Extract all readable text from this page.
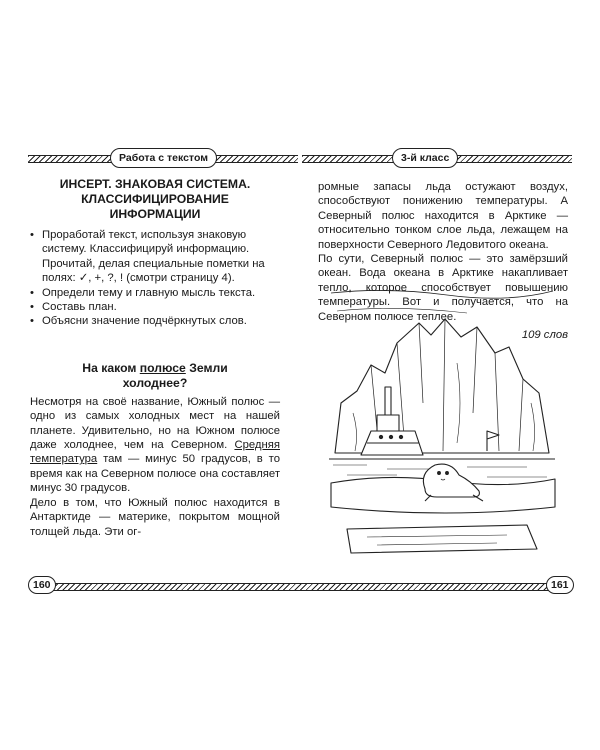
Работа с текстом	3-й класс
ИНСЕРТ. ЗНАКОВАЯ СИСТЕМА. КЛАССИФИЦИРОВАНИЕ ИНФОРМАЦИИ
• Проработай текст, используя знаковую систему. Классифицируй информацию. Прочитай, делая специальные пометки на полях: ✓, +, ?, ! (смотри страницу 4).
• Определи тему и главную мысль текста.
• Составь план.
• Объясни значение подчёркнутых слов.
На каком полюсе Земли холоднее?
Несмотря на своё название, Южный полюс — одно из самых холодных мест на нашей планете. Удивительно, но на Южном полюсе даже холоднее, чем на Северном. Средняя температура там — минус 50 градусов, в то время как на Северном полюсе она составляет минус 30 градусов.
Дело в том, что Южный полюс находится в Антарктиде — материке, покрытом мощной толщей льда. Эти ог-
ромные запасы льда остужают воздух, способствуют понижению температуры. А Северный полюс находится в Арктике — относительно тонком слое льда, лежащем на поверхности Северного Ледовитого океана.
По сути, Северный полюс — это замёрзший океан. Вода океана в Арктике накапливает тепло, которое способствует повышению температуры. Вот и получается, что на Северном полюсе теплее.
109 слов
160	161
